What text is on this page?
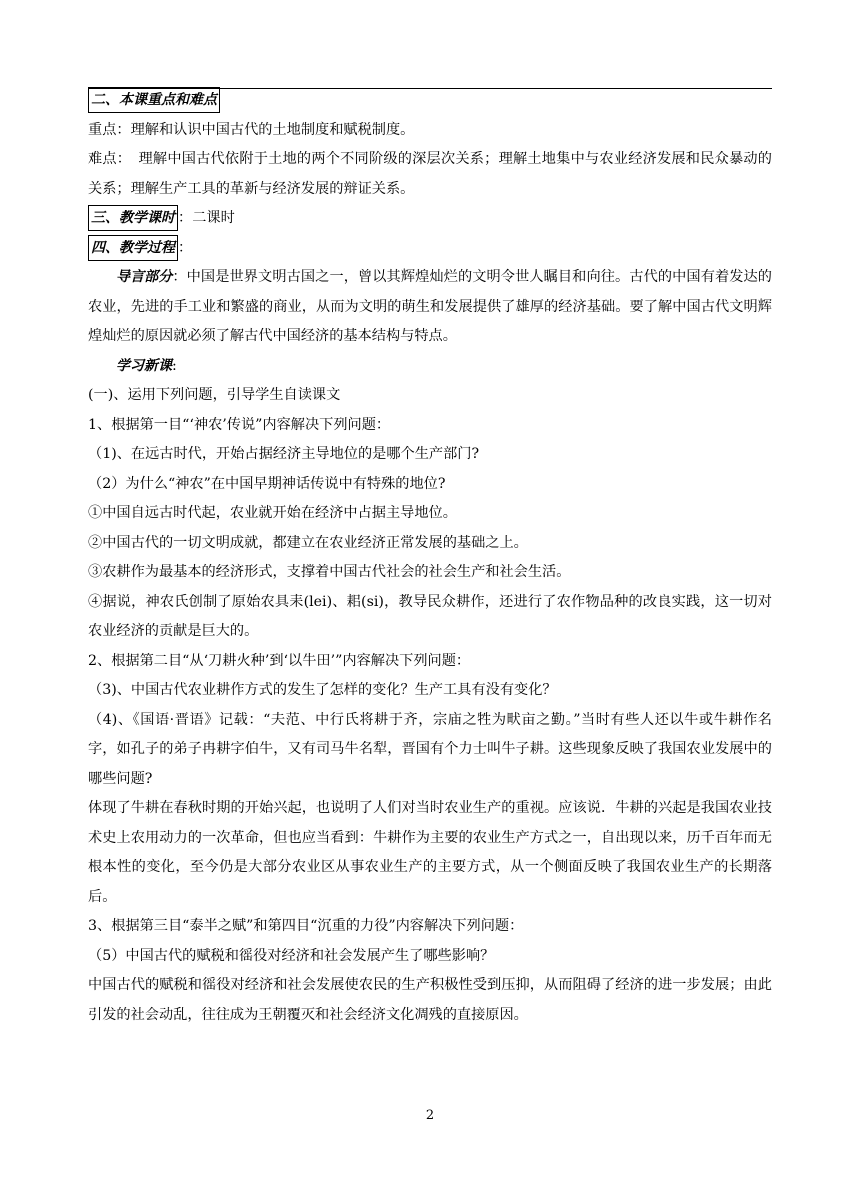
二、本课重点和难点

重点：理解和认识中国古代的土地制度和赋税制度。

难点：　理解中国古代依附于土地的两个不同阶级的深层次关系；理解土地集中与农业经济发展和民众暴动的关系；理解生产工具的革新与经济发展的辩证关系。

三、教学课时 ：二课时

四、教学过程 ：

导言部分：中国是世界文明古国之一，曾以其辉煌灿烂的文明令世人瞩目和向往。古代的中国有着发达的农业，先进的手工业和繁盛的商业，从而为文明的萌生和发展提供了雄厚的经济基础。要了解中国古代文明辉煌灿烂的原因就必须了解古代中国经济的基本结构与特点。

学习新课:

(一)、运用下列问题，引导学生自读课文

1、根据第一目“‘神农’传说”内容解决下列问题：

（1)、在远古时代，开始占据经济主导地位的是哪个生产部门?

（2）为什么“神农”在中国早期神话传说中有特殊的地位?

①中国自远古时代起，农业就开始在经济中占据主导地位。

②中国古代的一切文明成就，都建立在农业经济正常发展的基础之上。

③农耕作为最基本的经济形式，支撑着中国古代社会的社会生产和社会生活。

④据说，神农氏创制了原始农具耒(lei)、耜(si)，教导民众耕作，还进行了农作物品种的改良实践，这一切对农业经济的贡献是巨大的。

2、根据第二目“从‘刀耕火种’到‘以牛田’”内容解决下列问题：

（3)、中国古代农业耕作方式的发生了怎样的变化？生产工具有没有变化？

（4)、《国语·晋语》记载：“夫范、中行氏将耕于齐，宗庙之牲为畎亩之勤。”当时有些人还以牛或牛耕作名字，如孔子的弟子冉耕字伯牛，又有司马牛名犁，晋国有个力士叫牛子耕。这些现象反映了我国农业发展中的哪些问题?

体现了牛耕在春秋时期的开始兴起，也说明了人们对当时农业生产的重视。应该说．牛耕的兴起是我国农业技术史上农用动力的一次革命，但也应当看到：牛耕作为主要的农业生产方式之一，自出现以来，历千百年而无根本性的变化，至今仍是大部分农业区从事农业生产的主要方式，从一个侧面反映了我国农业生产的长期落后。

3、根据第三目“泰半之赋”和第四目“沉重的力役”内容解决下列问题：

（5）中国古代的赋税和徭役对经济和社会发展产生了哪些影响？

中国古代的赋税和徭役对经济和社会发展使农民的生产积极性受到压抑，从而阻碍了经济的进一步发展；由此引发的社会动乱，往往成为王朝覆灭和社会经济文化凋残的直接原因。

2
